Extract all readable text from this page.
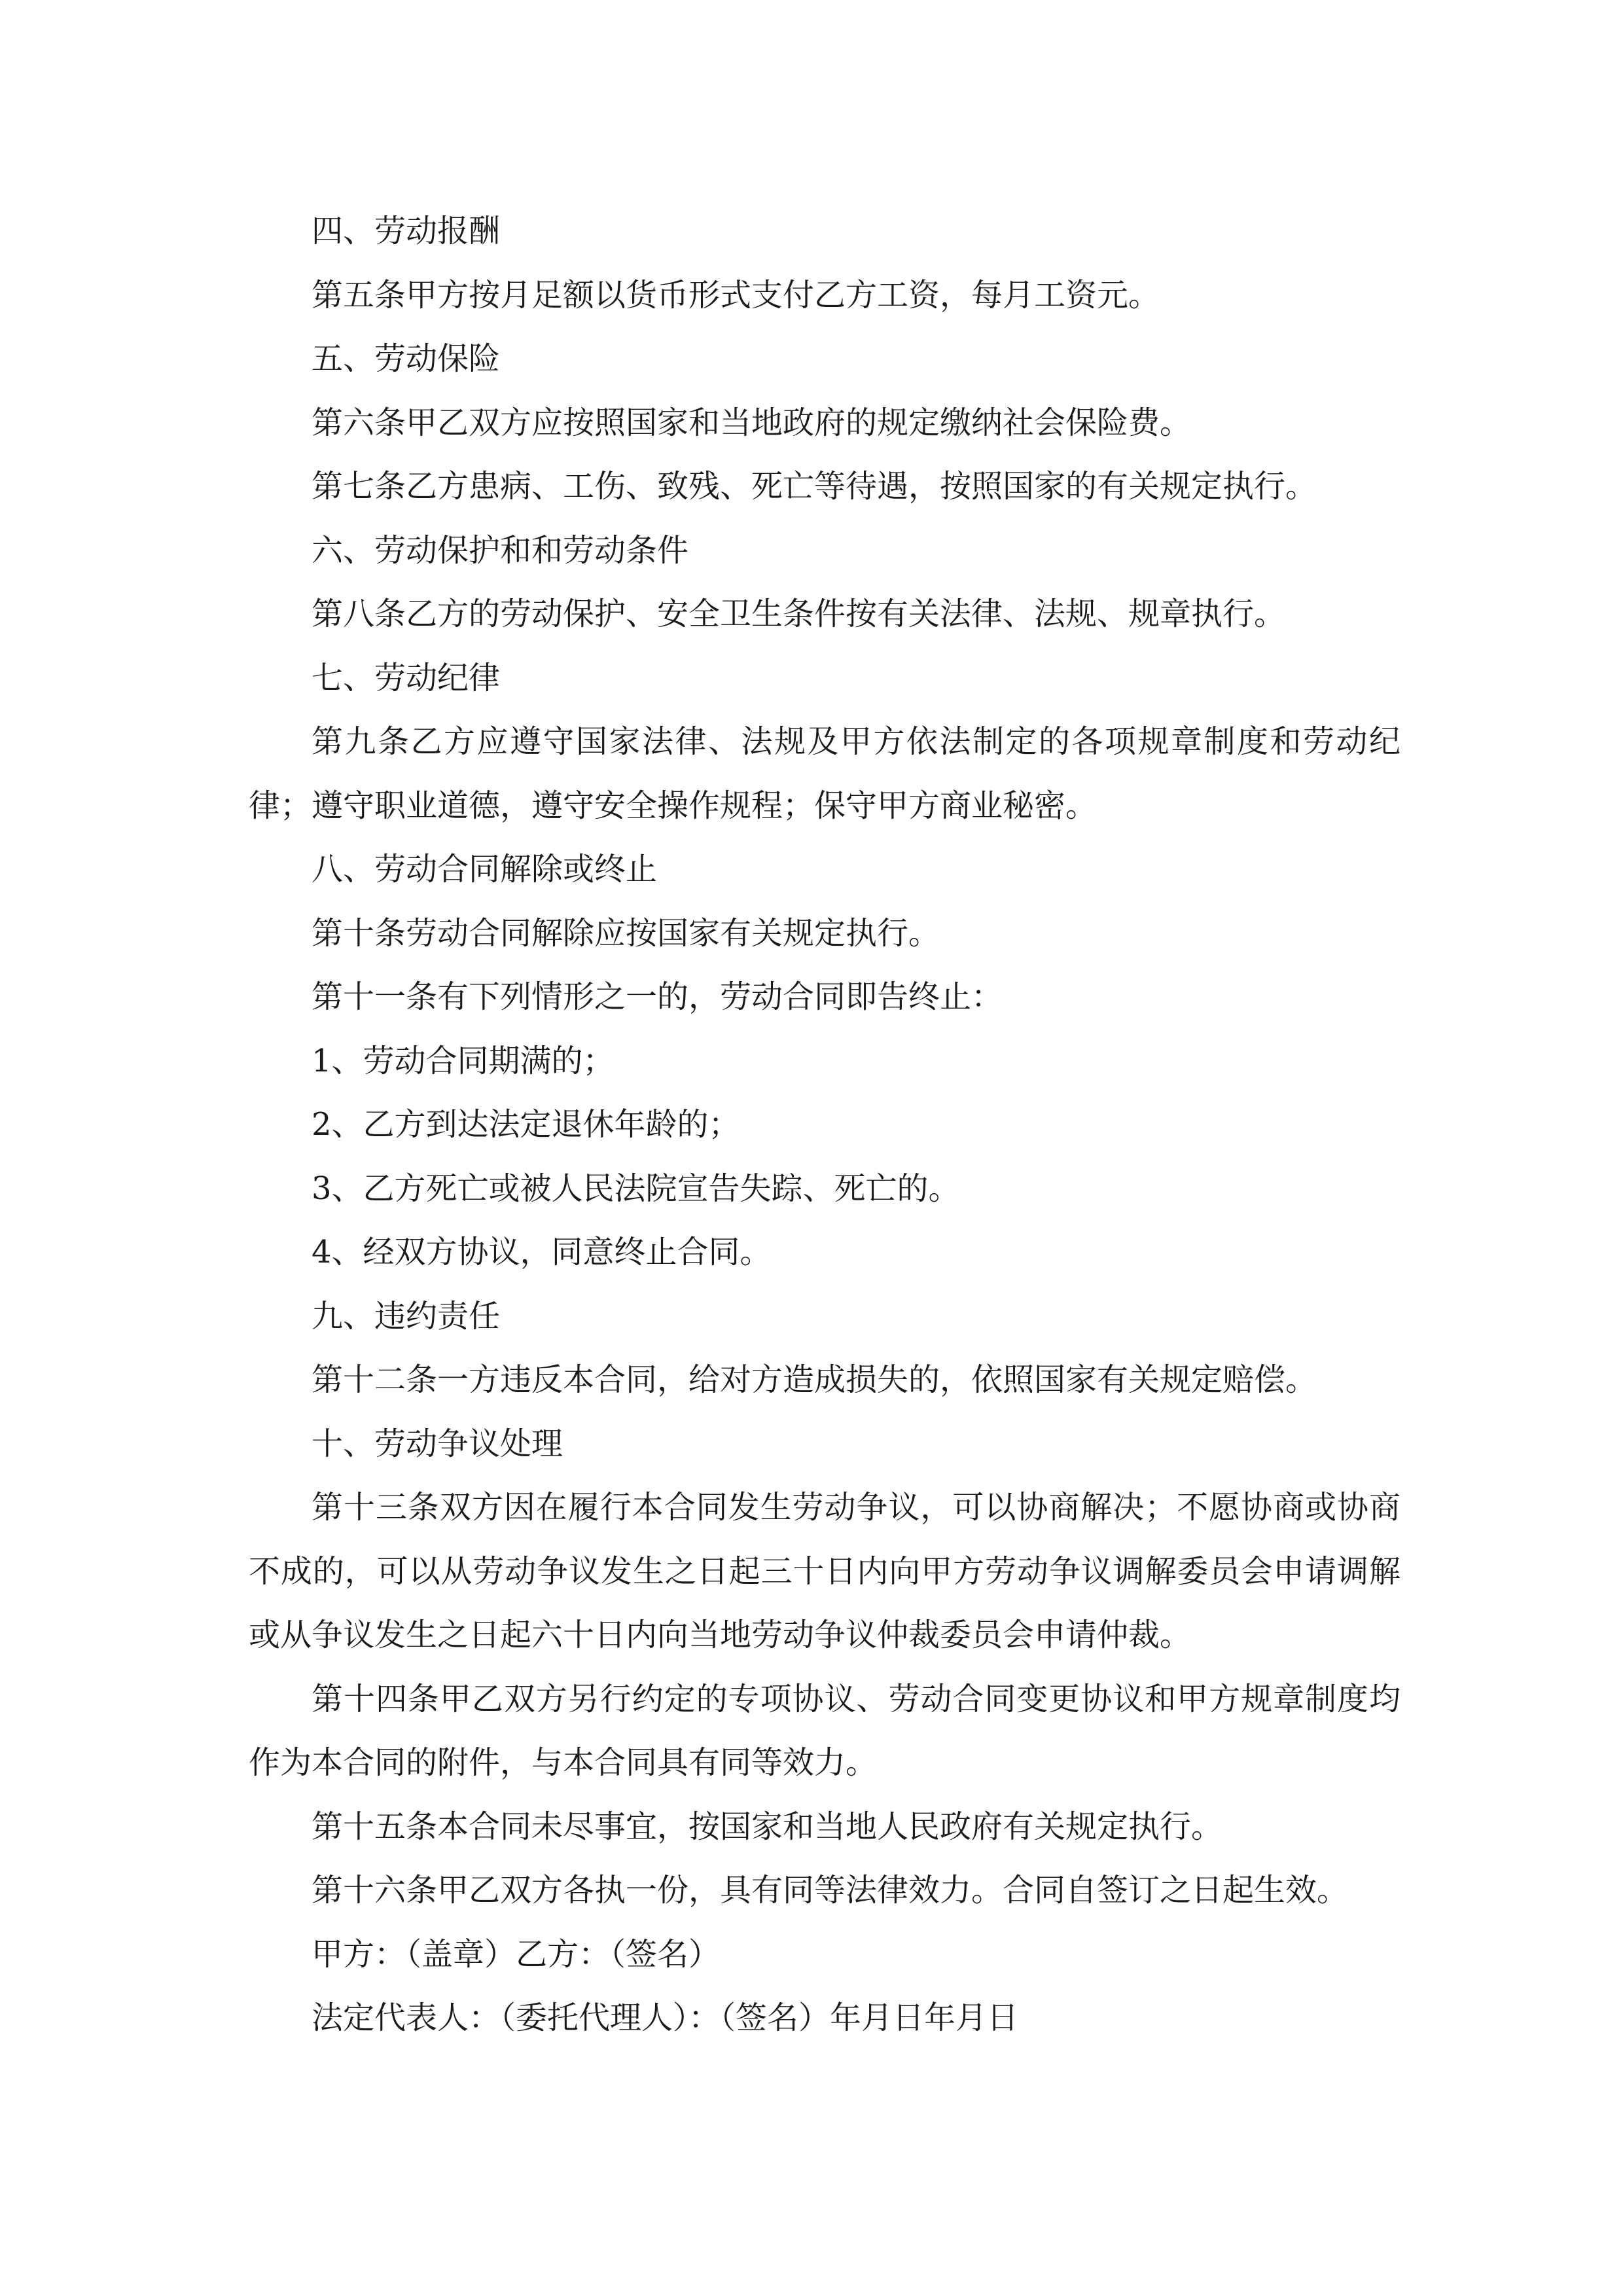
四、劳动报酬

第五条甲方按月足额以货币形式支付乙方工资，每月工资元。

五、劳动保险

第六条甲乙双方应按照国家和当地政府的规定缴纳社会保险费。

第七条乙方患病、工伤、致残、死亡等待遇，按照国家的有关规定执行。

六、劳动保护和和劳动条件

第八条乙方的劳动保护、安全卫生条件按有关法律、法规、规章执行。

七、劳动纪律

第九条乙方应遵守国家法律、法规及甲方依法制定的各项规章制度和劳动纪律；遵守职业道德，遵守安全操作规程；保守甲方商业秘密。

八、劳动合同解除或终止

第十条劳动合同解除应按国家有关规定执行。

第十一条有下列情形之一的，劳动合同即告终止：

1、劳动合同期满的；

2、乙方到达法定退休年龄的；

3、乙方死亡或被人民法院宣告失踪、死亡的。

4、经双方协议，同意终止合同。

九、违约责任

第十二条一方违反本合同，给对方造成损失的，依照国家有关规定赔偿。

十、劳动争议处理

第十三条双方因在履行本合同发生劳动争议，可以协商解决；不愿协商或协商不成的，可以从劳动争议发生之日起三十日内向甲方劳动争议调解委员会申请调解或从争议发生之日起六十日内向当地劳动争议仲裁委员会申请仲裁。

第十四条甲乙双方另行约定的专项协议、劳动合同变更协议和甲方规章制度均作为本合同的附件，与本合同具有同等效力。

第十五条本合同未尽事宜，按国家和当地人民政府有关规定执行。

第十六条甲乙双方各执一份，具有同等法律效力。合同自签订之日起生效。

甲方：（盖章）乙方：（签名）

法定代表人：（委托代理人）：（签名）年月日年月日
